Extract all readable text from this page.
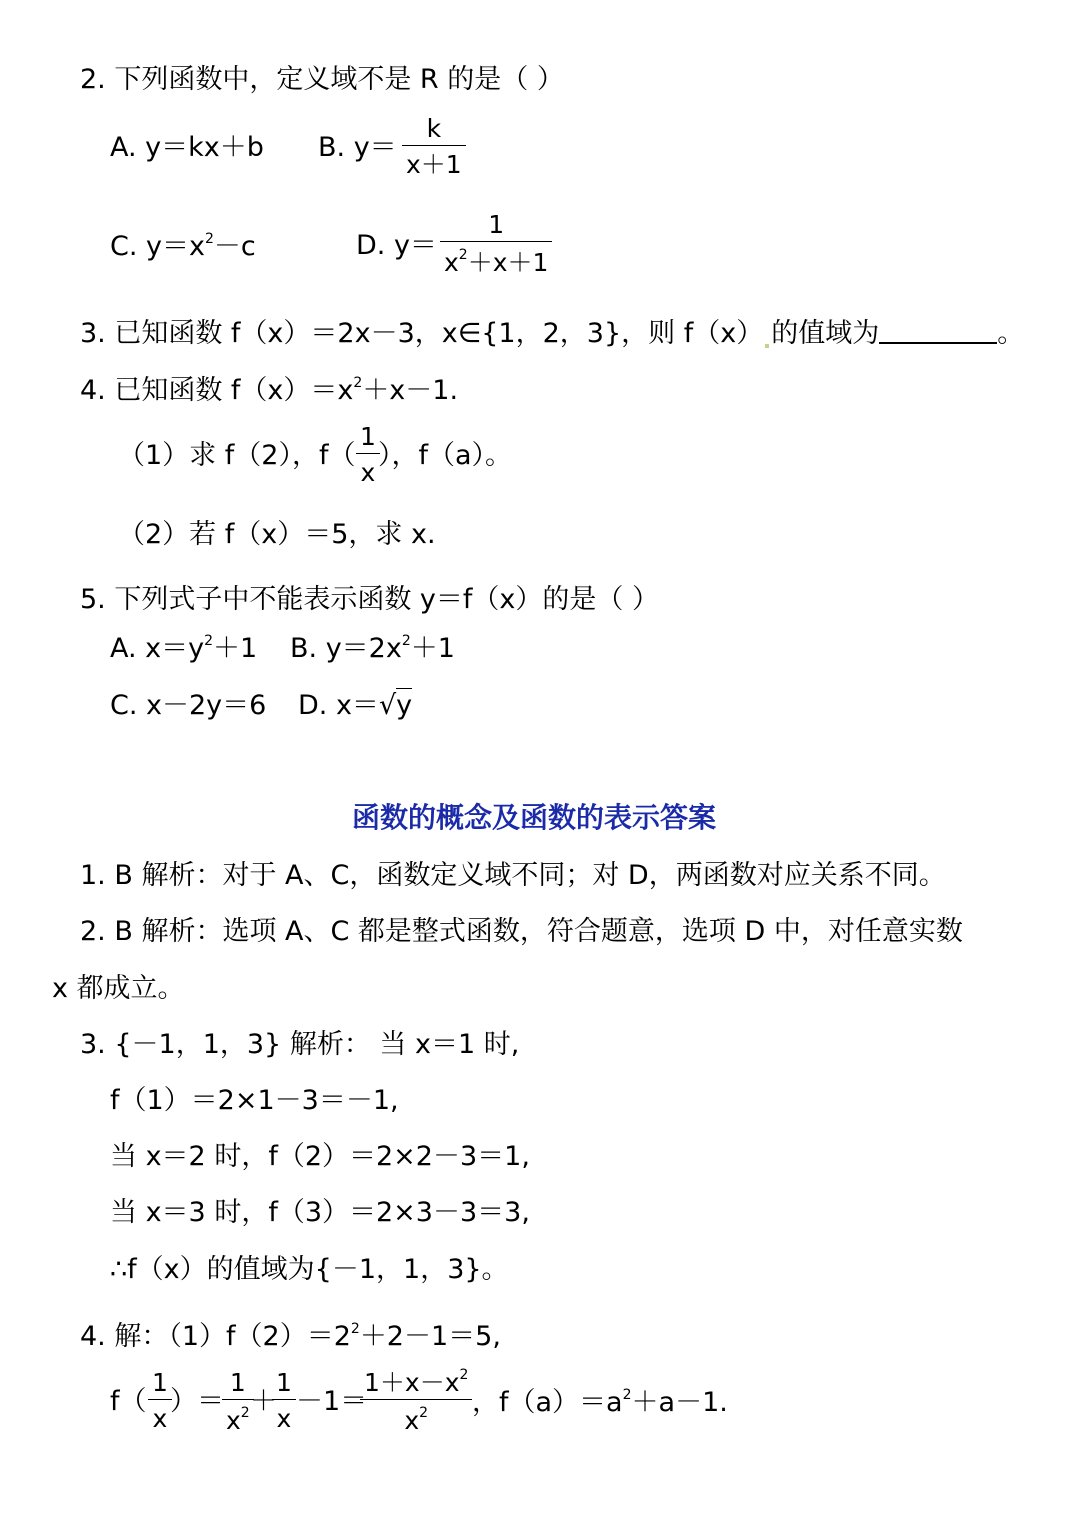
2. 下列函数中，定义域不是 R 的是（ ）
A. y＝kx＋b B. y＝
k
x＋1
C. $y=x^2-c$	D. y＝
1
$x^2+x+1$
3. 已知函数 f（x）＝2x－3，x∈{1，2，3}，则 f（x） 的值域为	。
4. 已知函数 $f(x)=x^2+x-1$.
（1）求 f（2），f（
1
x
），f（a）。
（2）若 f（x）＝5，求 x.
5. 下列式子中不能表示函数 y＝f（x）的是（ ）
A. $x=y^2+1$ B. $y=2x^2+1$
C. x－2y＝6 D. x＝√y
函数的概念及函数的表示答案
1. B 解析：对于 A、C，函数定义域不同；对 D，两函数对应关系不同。
2. B 解析：选项 A、C 都是整式函数，符合题意，选项 D 中，对任意实数
x 都成立。
3. {－1，1，3} 解析： 当 x＝1 时,
f（1）＝2×1－3＝－1,
当 x＝2 时，f（2）＝2×2－3＝1,
当 x＝3 时，f（3）＝2×3－3＝3,
∴f（x）的值域为{－1，1，3}。
4. 解：$(1)f(2)=2^2+2-1=5$,
f（
1
x
）＝
1
$x^2$ ＋
1
x
－1＝
$1+x-x^2$
$x^2$ ，$f(a)=a^2+a-1$.
